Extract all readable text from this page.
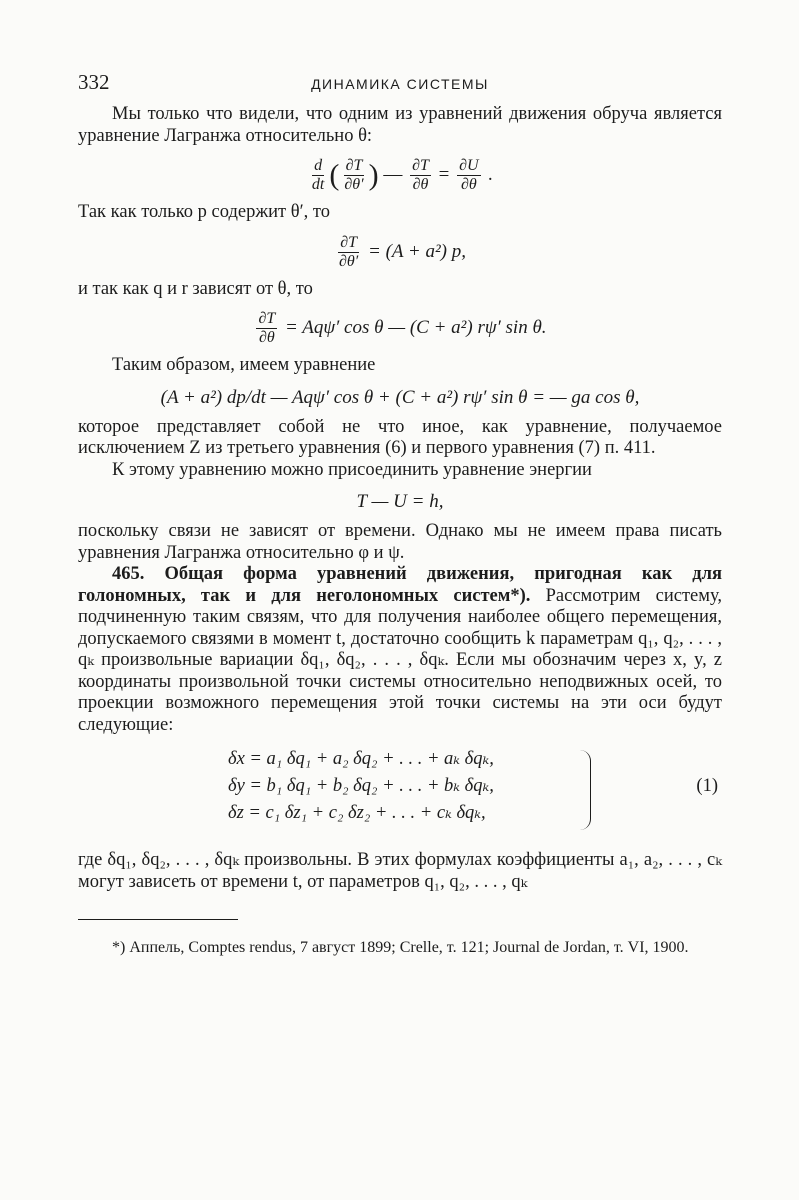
332	ДИНАМИКА СИСТЕМЫ

Мы только что видели, что одним из уравнений движения обруча является уравнение Лагранжа относительно θ:

$\frac{d}{dt}$ ( $\frac{\partial T}{\partial\theta'}$ ) — $\frac{\partial T}{\partial\theta} = \frac{\partial U}{\partial\theta}$ .

Так как только p содержит θ′, то

$\frac{\partial T}{\partial\theta'} = (A + a^2)$ p,

и так как q и r зависят от θ, то

$\frac{\partial T}{\partial\theta} = Aq\psi'$ cos θ — (C + a²) rψ′ sin θ.

Таким образом, имеем уравнение

(A + a²) dp/dt — Aqψ′ cos θ + (C + a²) rψ′ sin θ = — ga cos θ,

которое представляет собой не что иное, как уравнение, получаемое исключением Z из третьего уравнения (6) и первого уравнения (7) п. 411.

К этому уравнению можно присоединить уравнение энергии

T — U = h,

поскольку связи не зависят от времени. Однако мы не имеем права писать уравнения Лагранжа относительно φ и ψ.

465. Общая форма уравнений движения, пригодная как для голономных, так и для неголономных систем*). Рассмотрим систему, подчиненную таким связям, что для получения наиболее общего перемещения, допускаемого связями в момент t, достаточно сообщить k параметрам q₁, q₂, . . . , qₖ произвольные вариации δq₁, δq₂, . . . , δqₖ. Если мы обозначим через x, y, z координаты произвольной точки системы относительно неподвижных осей, то проекции возможного перемещения этой точки системы на эти оси будут следующие:

δx = a₁ δq₁ + a₂ δq₂ + . . . + aₖ δqₖ,
δy = b₁ δq₁ + b₂ δq₂ + . . . + bₖ δqₖ,
δz = c₁ δz₁ + c₂ δz₂ + . . . + cₖ δqₖ,
(1)

где δq₁, δq₂, . . . , δqₖ произвольны. В этих формулах коэффициенты a₁, a₂, . . . , cₖ могут зависеть от времени t, от параметров q₁, q₂, . . . , qₖ

*) Аппель, Comptes rendus, 7 август 1899; Crelle, т. 121; Journal de Jordan, т. VI, 1900.
